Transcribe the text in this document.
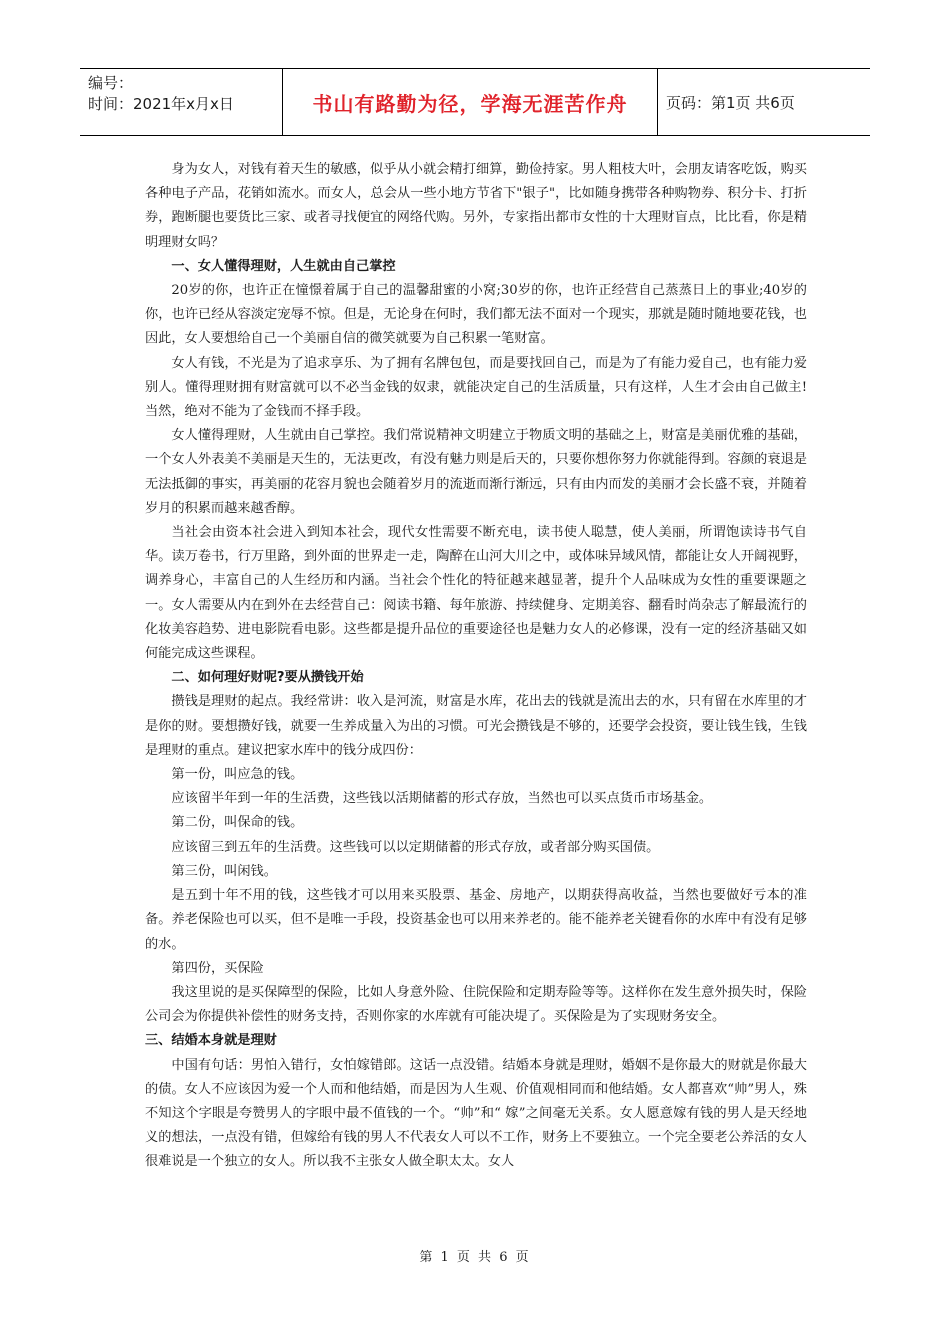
编号：
时间：2021年x月x日	书山有路勤为径，学海无涯苦作舟	页码：第1页 共6页

身为女人，对钱有着天生的敏感，似乎从小就会精打细算，勤俭持家。男人粗枝大叶，会朋友请客吃饭，购买各种电子产品，花销如流水。而女人，总会从一些小地方节省下"银子"，比如随身携带各种购物券、积分卡、打折券，跑断腿也要货比三家、或者寻找便宜的网络代购。另外，专家指出都市女性的十大理财盲点，比比看，你是精明理财女吗？

一、女人懂得理财，人生就由自己掌控

20岁的你，也许正在憧憬着属于自己的温馨甜蜜的小窝;30岁的你，也许正经营自己蒸蒸日上的事业;40岁的你，也许已经从容淡定宠辱不惊。但是，无论身在何时，我们都无法不面对一个现实，那就是随时随地要花钱，也因此，女人要想给自己一个美丽自信的微笑就要为自己积累一笔财富。

女人有钱，不光是为了追求享乐、为了拥有名牌包包，而是要找回自己，而是为了有能力爱自己，也有能力爱别人。懂得理财拥有财富就可以不必当金钱的奴隶，就能决定自己的生活质量，只有这样，人生才会由自己做主!当然，绝对不能为了金钱而不择手段。

女人懂得理财，人生就由自己掌控。我们常说精神文明建立于物质文明的基础之上，财富是美丽优雅的基础，一个女人外表美不美丽是天生的，无法更改，有没有魅力则是后天的，只要你想你努力你就能得到。容颜的衰退是无法抵御的事实，再美丽的花容月貌也会随着岁月的流逝而渐行渐远，只有由内而发的美丽才会长盛不衰，并随着岁月的积累而越来越香醇。

当社会由资本社会进入到知本社会，现代女性需要不断充电，读书使人聪慧，使人美丽，所谓饱读诗书气自华。读万卷书，行万里路，到外面的世界走一走，陶醉在山河大川之中，或体味异域风情，都能让女人开阔视野，调养身心，丰富自己的人生经历和内涵。当社会个性化的特征越来越显著，提升个人品味成为女性的重要课题之一。女人需要从内在到外在去经营自己：阅读书籍、每年旅游、持续健身、定期美容、翻看时尚杂志了解最流行的化妆美容趋势、进电影院看电影。这些都是提升品位的重要途径也是魅力女人的必修课，没有一定的经济基础又如何能完成这些课程。

二、如何理好财呢?要从攒钱开始

攒钱是理财的起点。我经常讲：收入是河流，财富是水库，花出去的钱就是流出去的水，只有留在水库里的才是你的财。要想攒好钱，就要一生养成量入为出的习惯。可光会攒钱是不够的，还要学会投资，要让钱生钱，生钱是理财的重点。建议把家水库中的钱分成四份：

第一份，叫应急的钱。

应该留半年到一年的生活费，这些钱以活期储蓄的形式存放，当然也可以买点货币市场基金。

第二份，叫保命的钱。

应该留三到五年的生活费。这些钱可以以定期储蓄的形式存放，或者部分购买国债。

第三份，叫闲钱。

是五到十年不用的钱，这些钱才可以用来买股票、基金、房地产，以期获得高收益，当然也要做好亏本的准备。养老保险也可以买，但不是唯一手段，投资基金也可以用来养老的。能不能养老关键看你的水库中有没有足够的水。

第四份，买保险

我这里说的是买保障型的保险，比如人身意外险、住院保险和定期寿险等等。这样你在发生意外损失时，保险公司会为你提供补偿性的财务支持，否则你家的水库就有可能决堤了。买保险是为了实现财务安全。

三、结婚本身就是理财

中国有句话：男怕入错行，女怕嫁错郎。这话一点没错。结婚本身就是理财，婚姻不是你最大的财就是你最大的债。女人不应该因为爱一个人而和他结婚，而是因为人生观、价值观相同而和他结婚。女人都喜欢“帅”男人，殊不知这个字眼是夸赞男人的字眼中最不值钱的一个。“帅”和“ 嫁”之间毫无关系。女人愿意嫁有钱的男人是天经地义的想法，一点没有错，但嫁给有钱的男人不代表女人可以不工作，财务上不要独立。一个完全要老公养活的女人很难说是一个独立的女人。所以我不主张女人做全职太太。女人

第 1 页 共 6 页
